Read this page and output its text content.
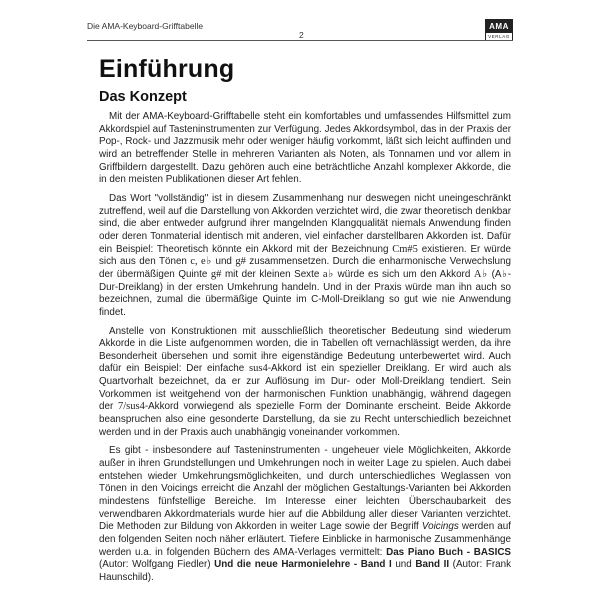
Die AMA-Keyboard-Grifftabelle
2
AMA
VERLAG
Einführung
Das Konzept

Mit der AMA-Keyboard-Grifftabelle steht ein komfortables und umfassendes Hilfsmittel zum Akkordspiel auf Tasteninstrumenten zur Verfügung. Jedes Akkordsymbol, das in der Praxis der Pop-, Rock- und Jazzmusik mehr oder weniger häufig vorkommt, läßt sich leicht auffinden und wird an betreffender Stelle in mehreren Varianten als Noten, als Tonnamen und vor allem in Griffbildern dargestellt. Dazu gehören auch eine beträchtliche Anzahl komplexer Akkorde, die in den meisten Publikationen dieser Art fehlen.

Das Wort "vollständig" ist in diesem Zusammenhang nur deswegen nicht uneingeschränkt zutreffend, weil auf die Darstellung von Akkorden verzichtet wird, die zwar theoretisch denkbar sind, die aber entweder aufgrund ihrer mangelnden Klangqualität niemals Anwendung finden oder deren Tonmaterial identisch mit anderen, viel einfacher darstellbaren Akkorden ist. Dafür ein Beispiel: Theoretisch könnte ein Akkord mit der Bezeichnung Cm#5 existieren. Er würde sich aus den Tönen c, e♭ und g# zusammensetzen. Durch die enharmonische Verwechslung der übermäßigen Quinte g# mit der kleinen Sexte a♭ würde es sich um den Akkord A♭ (A♭-Dur-Dreiklang) in der ersten Umkehrung handeln. Und in der Praxis würde man ihn auch so bezeichnen, zumal die übermäßige Quinte im C-Moll-Dreiklang so gut wie nie Anwendung findet.

Anstelle von Konstruktionen mit ausschließlich theoretischer Bedeutung sind wiederum Akkorde in die Liste aufgenommen worden, die in Tabellen oft vernachlässigt werden, da ihre Besonderheit übersehen und somit ihre eigenständige Bedeutung unterbewertet wird. Auch dafür ein Beispiel: Der einfache sus4-Akkord ist ein spezieller Dreiklang. Er wird auch als Quartvorhalt bezeichnet, da er zur Auflösung im Dur- oder Moll-Dreiklang tendiert. Sein Vorkommen ist weitgehend von der harmonischen Funktion unabhängig, während dagegen der 7/sus4-Akkord vorwiegend als spezielle Form der Dominante erscheint. Beide Akkorde beanspruchen also eine gesonderte Darstellung, da sie zu Recht unterschiedlich bezeichnet werden und in der Praxis auch unabhängig voneinander vorkommen.

Es gibt - insbesondere auf Tasteninstrumenten - ungeheuer viele Möglichkeiten, Akkorde außer in ihren Grundstellungen und Umkehrungen noch in weiter Lage zu spielen. Auch dabei entstehen wieder Umkehrungsmöglichkeiten, und durch unterschiedliches Weglassen von Tönen in den Voicings erreicht die Anzahl der möglichen Gestaltungs-Varianten bei Akkorden mindestens fünfstellige Bereiche. Im Interesse einer leichten Überschaubarkeit des verwendbaren Akkordmaterials wurde hier auf die Abbildung aller dieser Varianten verzichtet. Die Methoden zur Bildung von Akkorden in weiter Lage sowie der Begriff Voicings werden auf den folgenden Seiten noch näher erläutert. Tiefere Einblicke in harmonische Zusammenhänge werden u.a. in folgenden Büchern des AMA-Verlages vermittelt: Das Piano Buch - BASICS (Autor: Wolfgang Fiedler) Und die neue Harmonielehre - Band I und Band II (Autor: Frank Haunschild).
